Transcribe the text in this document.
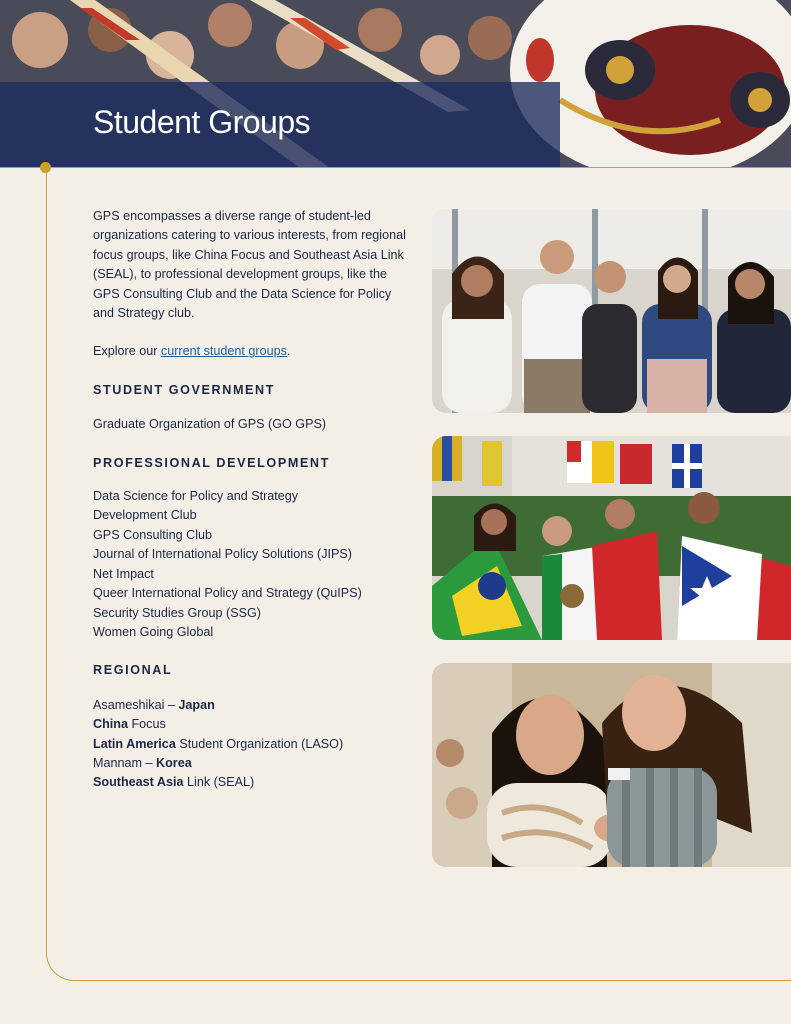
Student Groups

GPS encompasses a diverse range of student-led organizations catering to various interests, from regional focus groups, like China Focus and Southeast Asia Link (SEAL), to professional development groups, like the GPS Consulting Club and the Data Science for Policy and Strategy club.

Explore our current student groups.

STUDENT GOVERNMENT
Graduate Organization of GPS (GO GPS)
PROFESSIONAL DEVELOPMENT
Data Science for Policy and Strategy
Development Club
GPS Consulting Club
Journal of International Policy Solutions (JIPS)
Net Impact
Queer International Policy and Strategy (QuIPS)
Security Studies Group (SSG)
Women Going Global
REGIONAL
Asameshikai – Japan
China Focus
Latin America Student Organization (LASO)
Mannam – Korea
Southeast Asia Link (SEAL)
